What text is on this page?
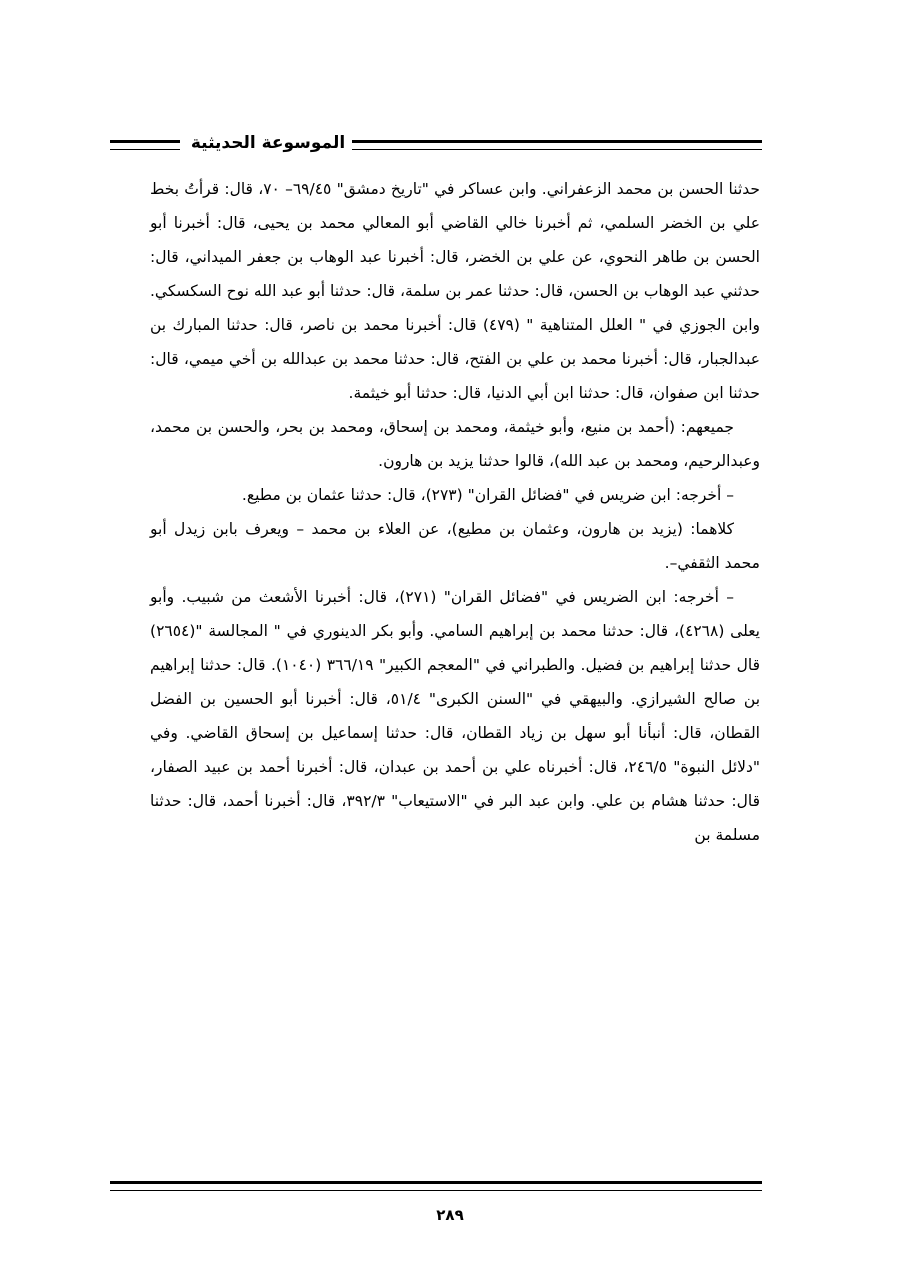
الموسوعة الحديثية

حدثنا الحسن بن محمد الزعفراني. وابن عساكر في "تاريخ دمشق" ٦٩/٤٥– ٧٠، قال: قرأتُ بخط علي بن الخضر السلمي، ثم أخبرنا خالي القاضي أبو المعالي محمد بن يحيى، قال: أخبرنا أبو الحسن بن طاهر النحوي، عن علي بن الخضر، قال: أخبرنا عبد الوهاب بن جعفر الميداني، قال: حدثني عبد الوهاب بن الحسن، قال: حدثنا عمر بن سلمة، قال: حدثنا أبو عبد الله نوح السكسكي. وابن الجوزي في " العلل المتناهية " (٤٧٩) قال: أخبرنا محمد بن ناصر، قال: حدثنا المبارك بن عبدالجبار، قال: أخبرنا محمد بن علي بن الفتح، قال: حدثنا محمد بن عبدالله بن أخي ميمي، قال: حدثنا ابن صفوان، قال: حدثنا ابن أبي الدنيا، قال: حدثنا أبو خيثمة.

جميعهم: (أحمد بن منيع، وأبو خيثمة، ومحمد بن إسحاق، ومحمد بن بحر، والحسن بن محمد، وعبدالرحيم، ومحمد بن عبد الله)، قالوا حدثنا يزيد بن هارون.

– أخرجه: ابن ضريس في "فضائل القران" (٢٧٣)، قال: حدثنا عثمان بن مطيع.

كلاهما: (يزيد بن هارون، وعثمان بن مطيع)، عن العلاء بن محمد – ويعرف بابن زيدل أبو محمد الثقفي–.

– أخرجه: ابن الضريس في "فضائل القران" (٢٧١)، قال: أخبرنا الأشعث من شبيب. وأبو يعلى (٤٢٦٨)، قال: حدثنا محمد بن إبراهيم السامي. وأبو بكر الدينوري في " المجالسة "(٢٦٥٤) قال حدثنا إبراهيم بن فضيل. والطبراني في "المعجم الكبير" ٣٦٦/١٩ (١٠٤٠). قال: حدثنا إبراهيم بن صالح الشيرازي. والبيهقي في "السنن الكبرى" ٥١/٤، قال: أخبرنا أبو الحسين بن الفضل القطان، قال: أنبأنا أبو سهل بن زياد القطان، قال: حدثنا إسماعيل بن إسحاق القاضي. وفي "دلائل النبوة" ٢٤٦/٥، قال: أخبرناه علي بن أحمد بن عبدان، قال: أخبرنا أحمد بن عبيد الصفار، قال: حدثنا هشام بن علي. وابن عبد البر في "الاستيعاب" ٣٩٢/٣، قال: أخبرنا أحمد، قال: حدثنا مسلمة بن

٢٨٩
